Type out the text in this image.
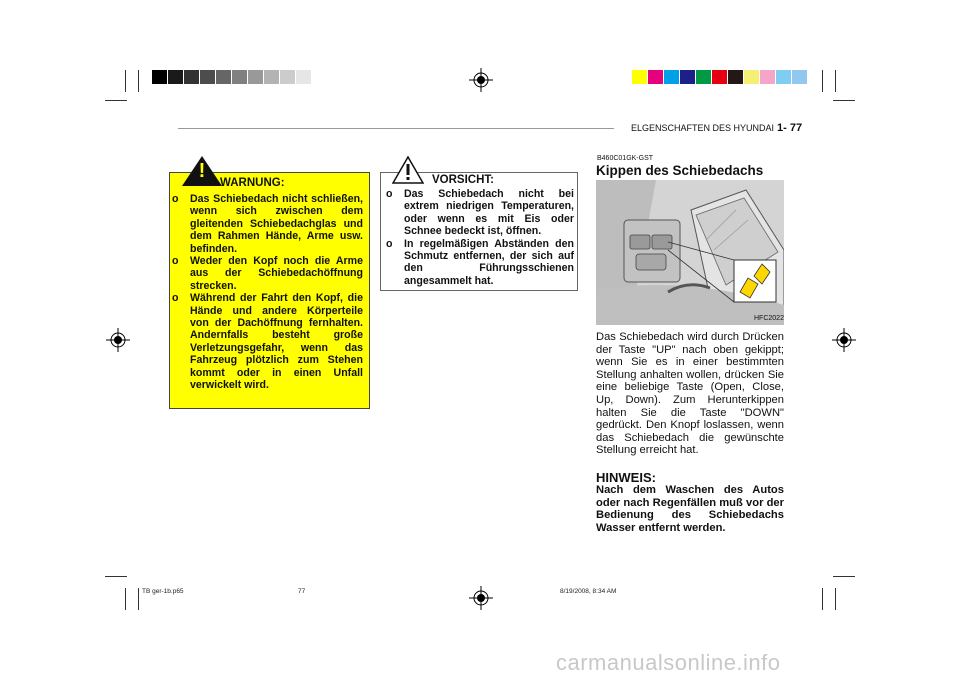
ELGENSCHAFTEN DES HYUNDAI 1- 77
!
WARNUNG:
o Das Schiebedach nicht schließen, wenn sich zwischen dem gleitenden Schiebedachglas und dem Rahmen Hände, Arme usw. befinden.
o Weder den Kopf noch die Arme aus der Schiebedachöffnung strecken.
o Während der Fahrt den Kopf, die Hände und andere Körperteile von der Dachöffnung fernhalten. Andernfalls besteht große Verletzungsgefahr, wenn das Fahrzeug plötzlich zum Stehen kommt oder in einen Unfall verwickelt wird.
VORSICHT:
o Das Schiebedach nicht bei extrem niedrigen Temperaturen, oder wenn es mit Eis oder Schnee bedeckt ist, öffnen.
o In regelmäßigen Abständen den Schmutz entfernen, der sich auf den Führungsschienen angesammelt hat.
B460C01GK-GST
Kippen des Schiebedachs
HFC2022
Das Schiebedach wird durch Drücken der Taste "UP" nach oben gekippt; wenn Sie es in einer bestimmten Stellung anhalten wollen, drücken Sie eine beliebige Taste (Open, Close, Up, Down). Zum Herunterkippen halten Sie die Taste "DOWN" gedrückt. Den Knopf loslassen, wenn das Schiebedach die gewünschte Stellung erreicht hat.
HINWEIS:
Nach dem Waschen des Autos oder nach Regenfällen muß vor der Bedienung des Schiebedachs Wasser entfernt werden.
TB ger-1b.p65	77	8/19/2008, 8:34 AM
carmanualsonline.info
